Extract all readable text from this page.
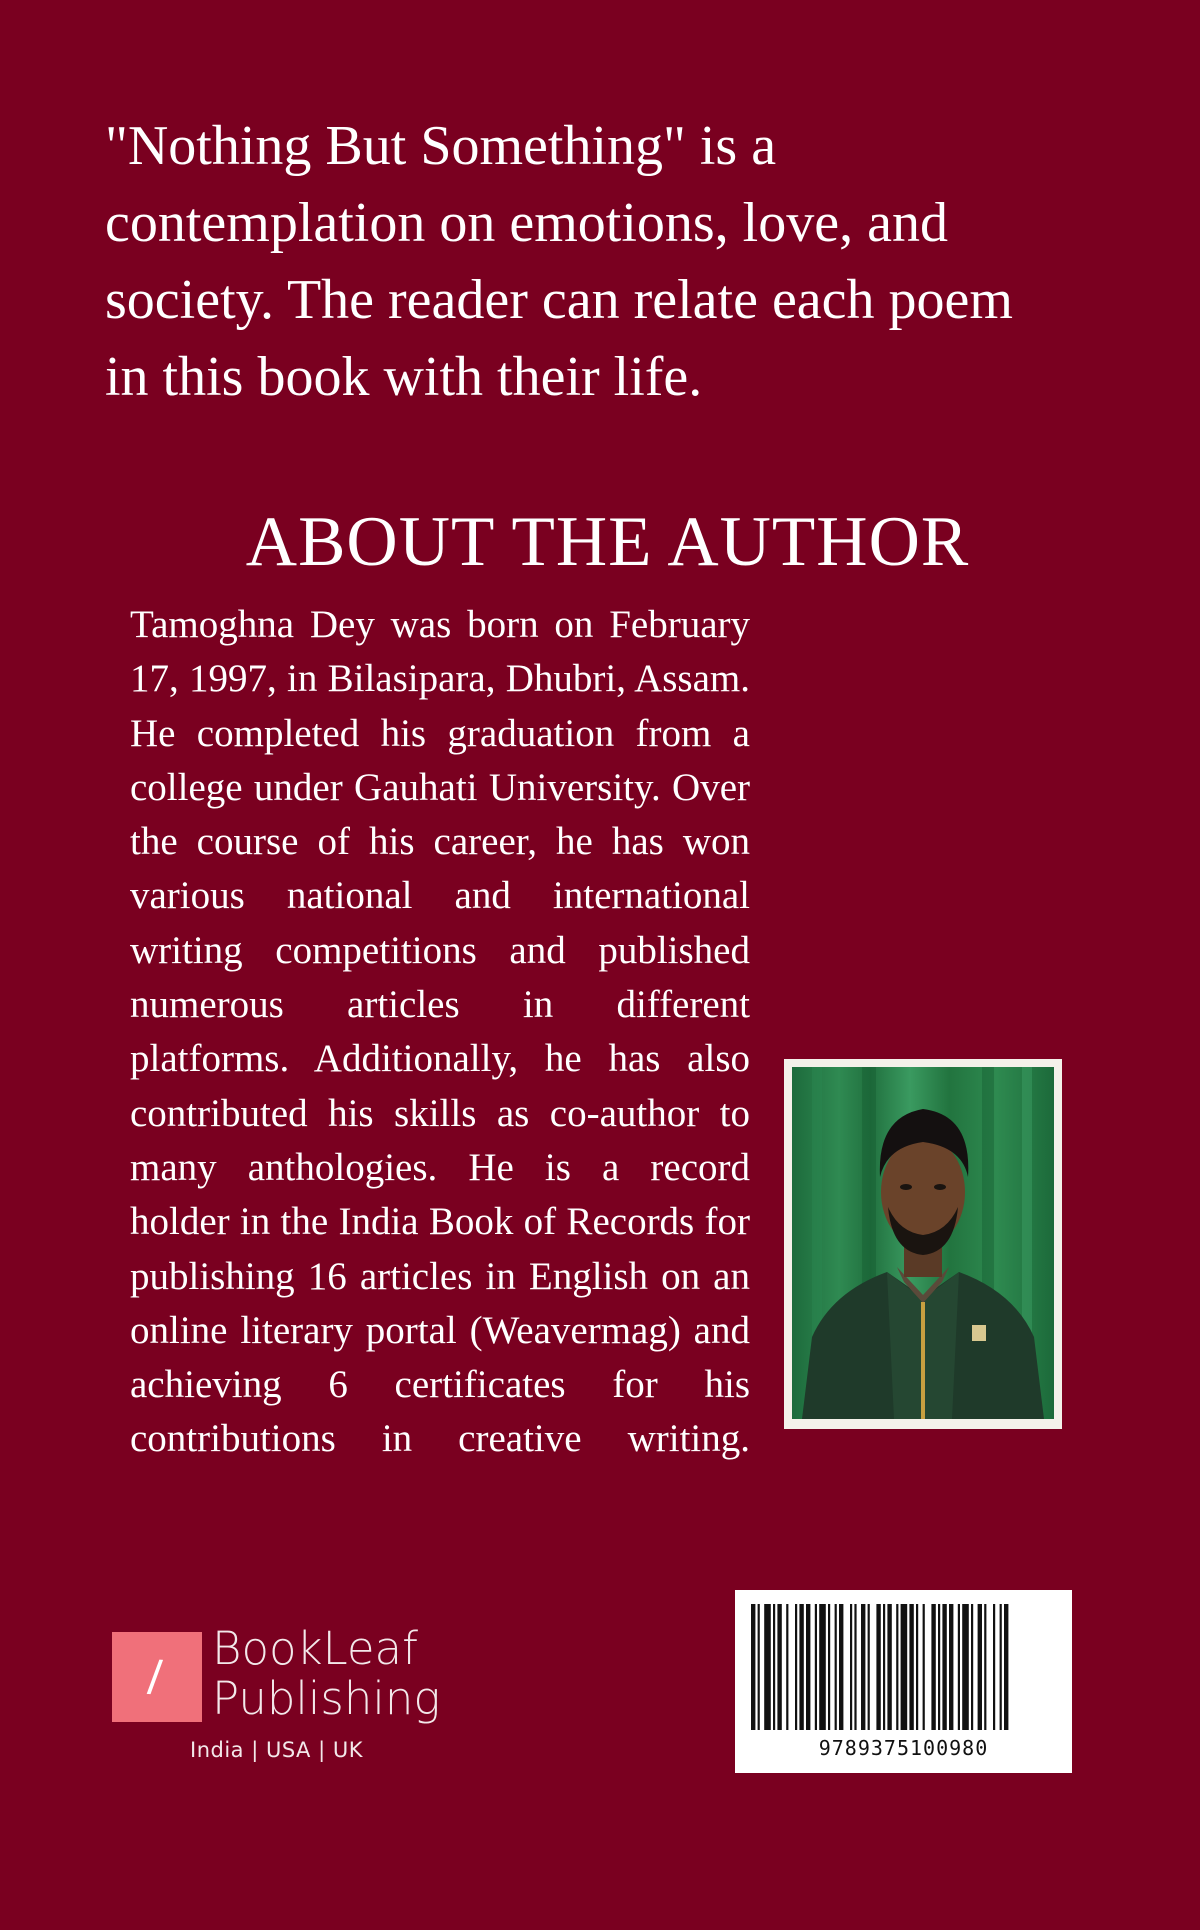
"Nothing But Something" is a contemplation on emotions, love, and society. The reader can relate each poem in this book with their life.

ABOUT THE AUTHOR

Tamoghna Dey was born on February 17, 1997, in Bilasipara, Dhubri, Assam. He completed his graduation from a college under Gauhati University. Over the course of his career, he has won various national and international writing competitions and published numerous articles in different platforms. Additionally, he has also contributed his skills as co-author to many anthologies. He is a record holder in the India Book of Records for publishing 16 articles in English on an online literary portal (Weavermag) and achieving 6 certificates for his contributions in creative writing.

/
BookLeaf
Publishing
India | USA | UK	9789375100980
